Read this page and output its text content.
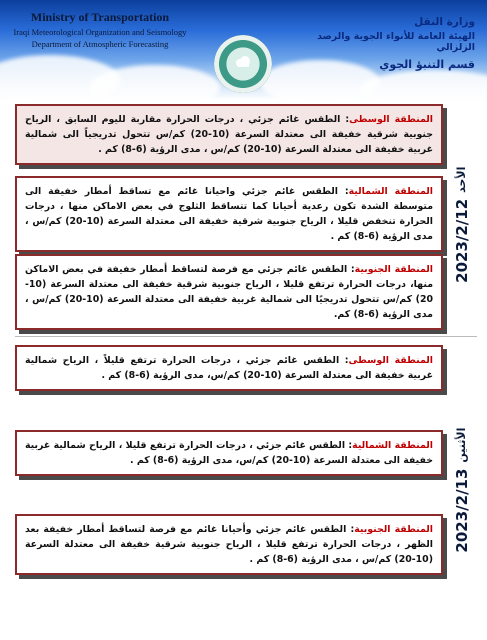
Ministry of Transportation
Iraqi Meteorological Organization and Seismology
Department of Atmospheric Forecasting
وزارة النقل
الهيئة العامة للأنواء الجوية والرصد الزلزالي
قسم التنبؤ الجوي

المنطقة الوسطى: الطقس غائم جزئي ، درجات الحرارة مقاربة لليوم السابق ، الرياح جنوبية شرقية خفيفة الى معتدلة السرعة (10-20) كم/س تتحول تدريجياً الى شمالية غربية خفيفة الى معتدلة السرعة (10-20) كم/س ، مدى الرؤية (6-8) كم .

المنطقة الشمالية: الطقس غائم جزئي واحيانا غائم مع تساقط أمطار خفيفة الى متوسطة الشدة تكون رعدية أحيانا كما تتساقط الثلوج في بعض الاماكن منها ، درجات الحرارة تنخفض قليلا ، الرياح جنوبية شرقية خفيفة الى معتدلة السرعة (10-20) كم/س ، مدى الرؤية (6-8) كم .

المنطقة الجنوبية: الطقس غائم جزئي مع فرصة لتساقط أمطار خفيفة في بعض الاماكن منها، درجات الحرارة ترتفع قليلا ، الرياح جنوبية شرقية خفيفة الى معتدلة السرعة (10-20) كم/س تتحول تدريجيًا الى شمالية غربية خفيفة الى معتدلة السرعة (10-20) كم/س ، مدى الرؤية (6-8) كم.

الأحد 2023/2/12

المنطقة الوسطى: الطقس غائم جزئي ، درجات الحرارة ترتفع قليلاً ، الرياح شمالية غربية خفيفة الى معتدلة السرعة (10-20) كم/س، مدى الرؤية (6-8) كم .

المنطقة الشمالية: الطقس غائم جزئي ، درجات الحرارة ترتفع قليلا ، الرياح شمالية غربية خفيفة الى معتدلة السرعة (10-20) كم/س، مدى الرؤية (6-8) كم .

المنطقة الجنوبية: الطقس غائم جزئي وأحيانا غائم مع فرصة لتساقط أمطار خفيفة بعد الظهر ، درجات الحرارة ترتفع قليلا ، الرياح جنوبية شرقية خفيفة الى معتدلة السرعة (10-20) كم/س ، مدى الرؤية (6-8) كم .

الأثنين 2023/2/13
